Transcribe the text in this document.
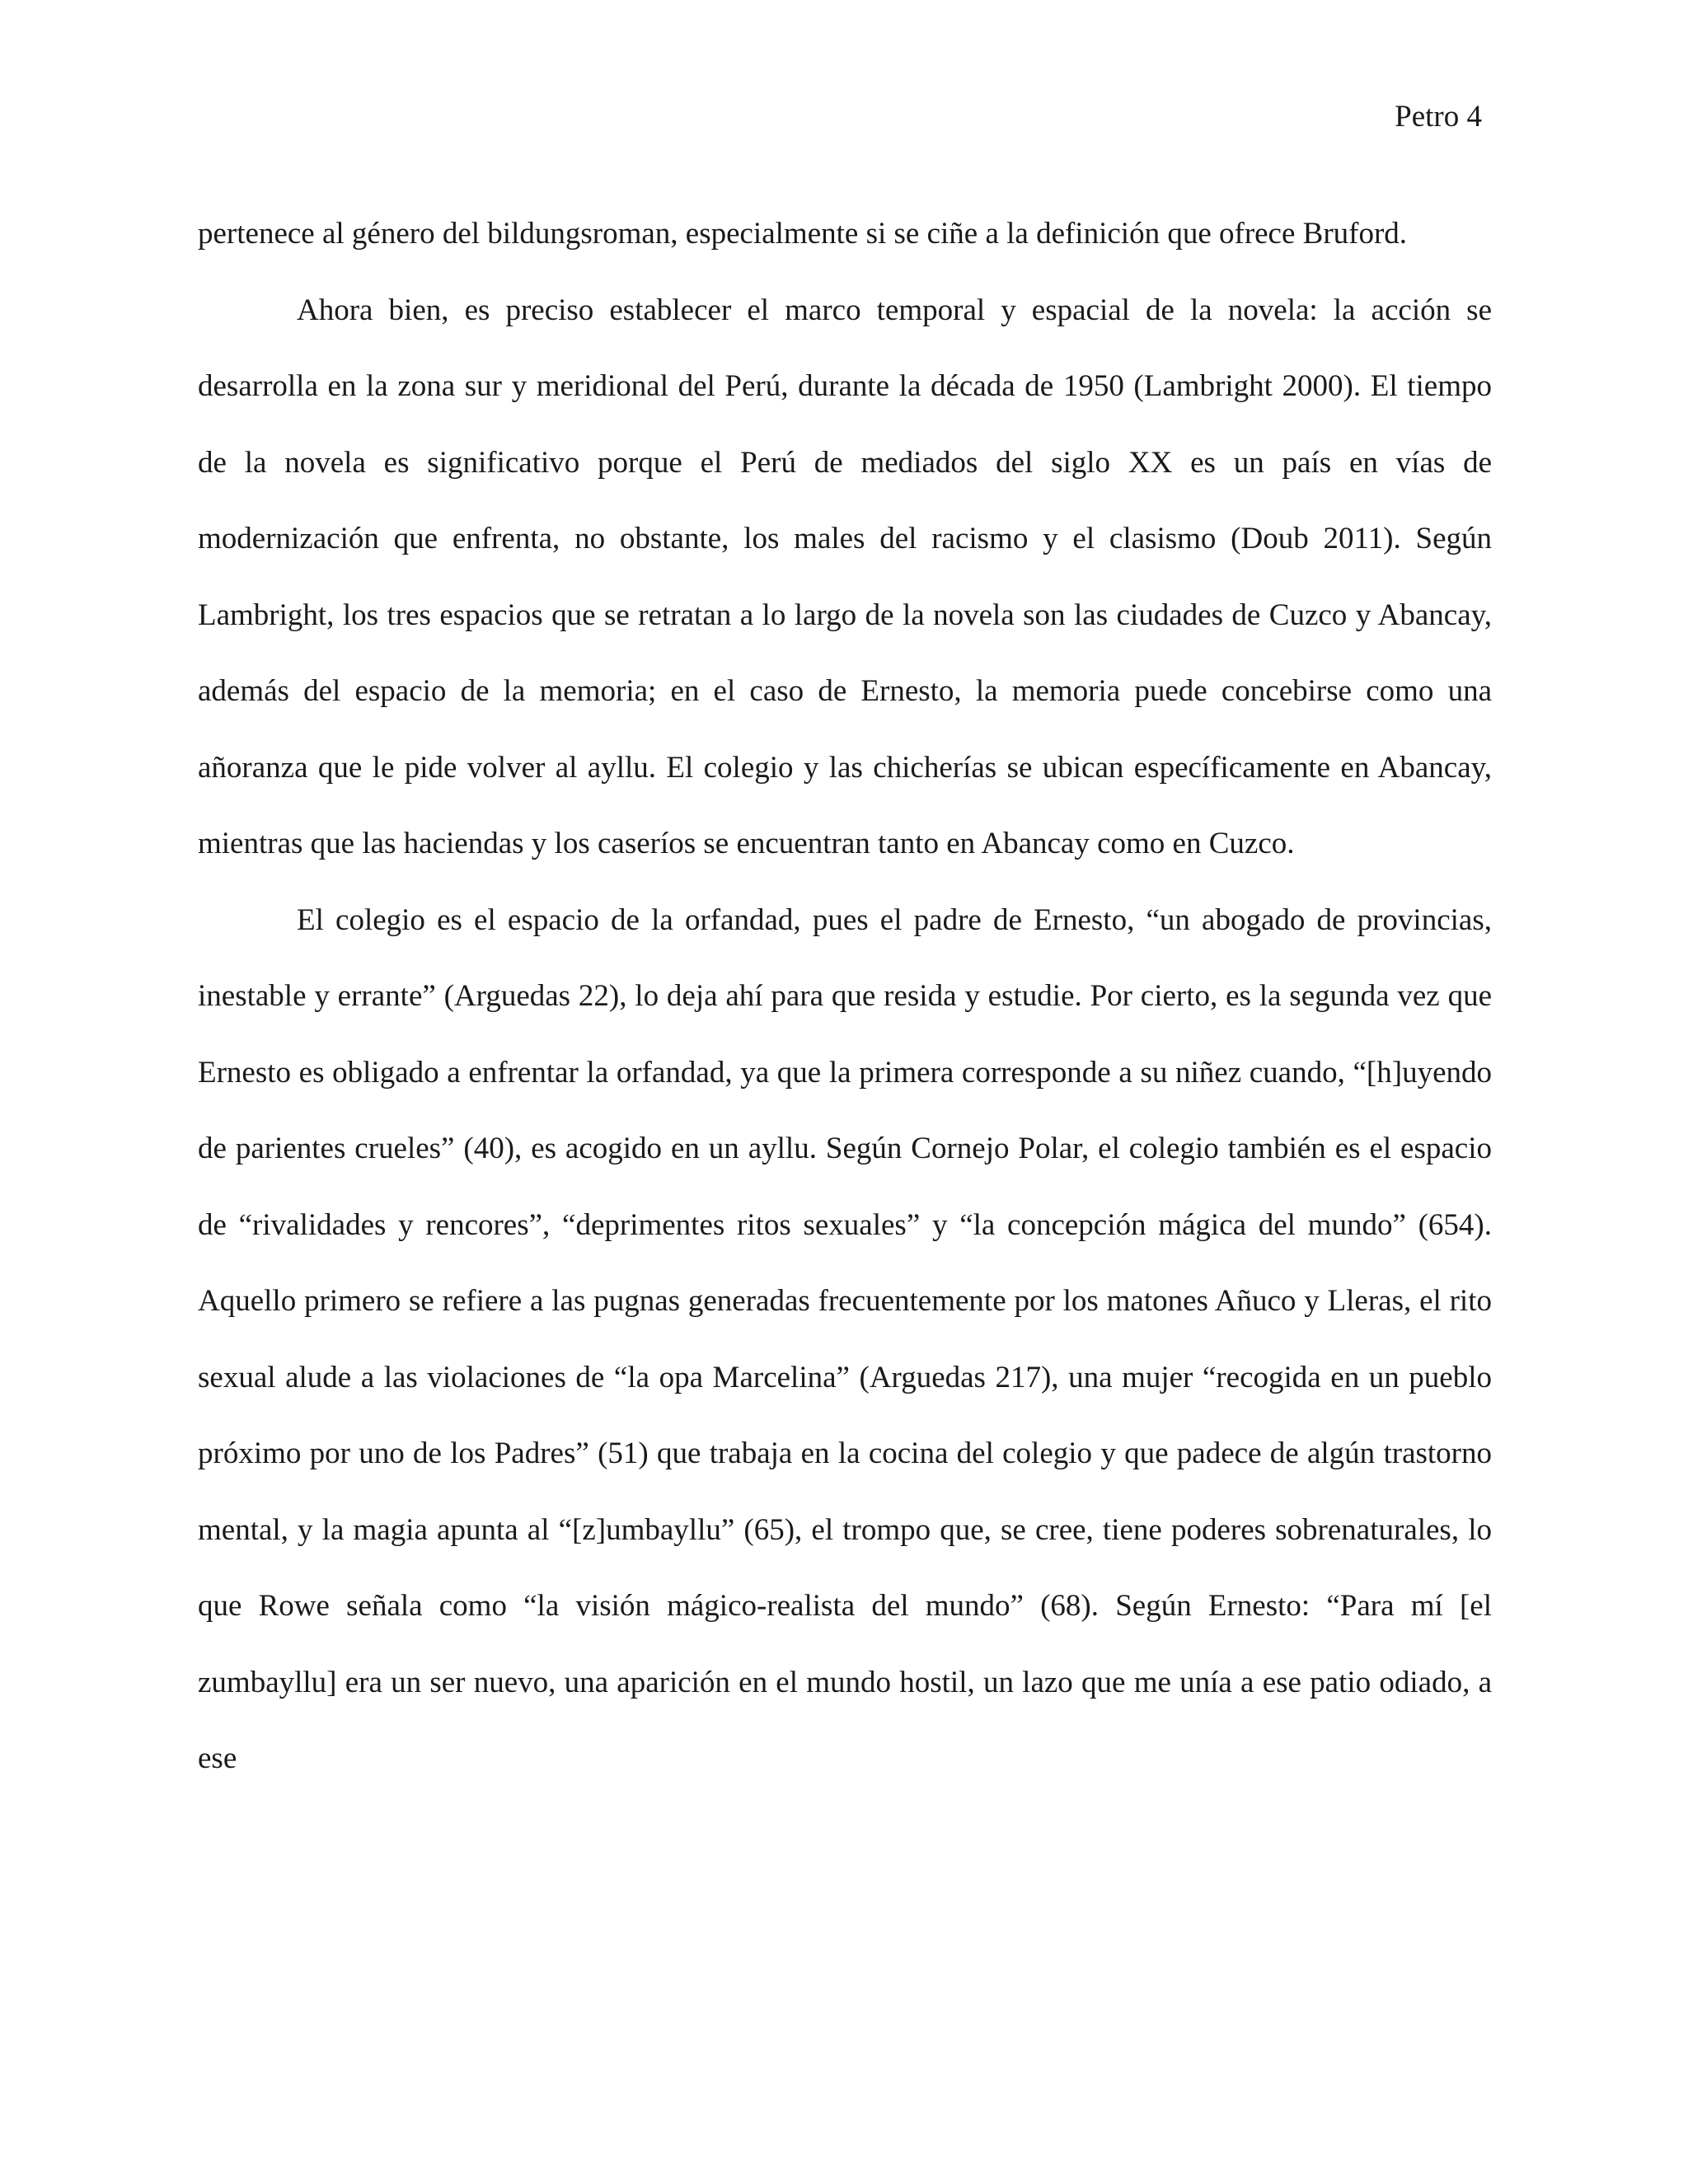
Petro 4

pertenece al género del bildungsroman, especialmente si se ciñe a la definición que ofrece Bruford.

Ahora bien, es preciso establecer el marco temporal y espacial de la novela: la acción se desarrolla en la zona sur y meridional del Perú, durante la década de 1950 (Lambright 2000). El tiempo de la novela es significativo porque el Perú de mediados del siglo XX es un país en vías de modernización que enfrenta, no obstante, los males del racismo y el clasismo (Doub 2011). Según Lambright, los tres espacios que se retratan a lo largo de la novela son las ciudades de Cuzco y Abancay, además del espacio de la memoria; en el caso de Ernesto, la memoria puede concebirse como una añoranza que le pide volver al ayllu. El colegio y las chicherías se ubican específicamente en Abancay, mientras que las haciendas y los caseríos se encuentran tanto en Abancay como en Cuzco.

El colegio es el espacio de la orfandad, pues el padre de Ernesto, “un abogado de provincias, inestable y errante” (Arguedas 22), lo deja ahí para que resida y estudie. Por cierto, es la segunda vez que Ernesto es obligado a enfrentar la orfandad, ya que la primera corresponde a su niñez cuando, “[h]uyendo de parientes crueles” (40), es acogido en un ayllu. Según Cornejo Polar, el colegio también es el espacio de “rivalidades y rencores”, “deprimentes ritos sexuales” y “la concepción mágica del mundo” (654). Aquello primero se refiere a las pugnas generadas frecuentemente por los matones Añuco y Lleras, el rito sexual alude a las violaciones de “la opa Marcelina” (Arguedas 217), una mujer “recogida en un pueblo próximo por uno de los Padres” (51) que trabaja en la cocina del colegio y que padece de algún trastorno mental, y la magia apunta al “[z]umbayllu” (65), el trompo que, se cree, tiene poderes sobrenaturales, lo que Rowe señala como “la visión mágico-realista del mundo” (68). Según Ernesto: “Para mí [el zumbayllu] era un ser nuevo, una aparición en el mundo hostil, un lazo que me unía a ese patio odiado, a ese
